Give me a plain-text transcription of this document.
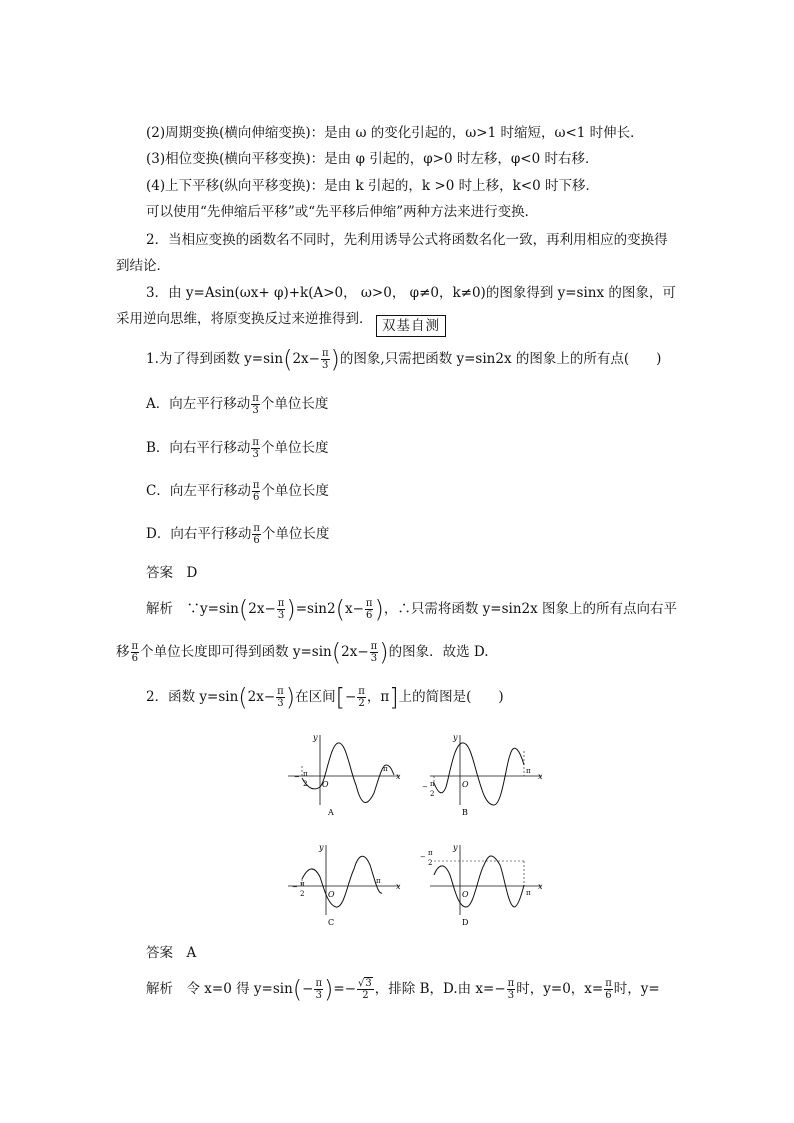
(2)周期变换(横向伸缩变换)：是由 ω 的变化引起的，ω>1 时缩短，ω<1 时伸长．
(3)相位变换(横向平移变换)：是由 φ 引起的，φ>0 时左移，φ<0 时右移．
(4)上下平移(纵向平移变换)：是由 k 引起的，k >0 时上移，k<0 时下移．
可以使用“先伸缩后平移”或“先平移后伸缩”两种方法来进行变换．
2．当相应变换的函数名不同时，先利用诱导公式将函数名化一致，再利用相应的变换得
到结论．
3．由 y=Asin(ωx+ φ)+k(A>0， ω>0， φ≠0，k≠0)的图象得到 y=sinx 的图象，可
采用逆向思维，将原变换反过来逆推得到． 双基自测
1.为了得到函数 $y=\sin(2x- \frac{\pi}{3}$ )的图象,只需把函数 y=sin2x 的图象上的所有点(　　)
A．向左平行移动 $\frac{\pi}{3}$ 个单位长度
B．向右平行移动 $\frac{\pi}{3}$ 个单位长度
C．向左平行移动 $\frac{\pi}{6}$ 个单位长度
D．向右平行移动 $\frac{\pi}{6}$ 个单位长度
答案　 D
解析　 ∵y=sin(2x− $\frac{\pi}{3} )=\sin 2(x- \frac{\pi}{6}$ )，∴只需将函数 y=sin2x 图象上的所有点向右平
移 $\frac{\pi}{6}$ 个单位长度即可得到函数 $y=\sin(2x- \frac{\pi}{3}$ )的图象．故选 D.
2．函数 $y=\sin(2x- \frac{\pi}{3}$ )在区间[− $\frac{\pi}{2}$ ，π]上的简图是(　　)
y
x
O
π
− π
2
A
y
x
O
π
− π
2
B
y
x
O
π
− π
2
C
y
x
O	π
− π
2
D
答案　 A
解析　 令 x=0 得 $y=\sin(- \frac{\pi}{3}$ )=− $\frac{√3}{2}$ ，排除 B，D.由 $x=- \frac{\pi}{3}$ 时，y=0，$x= \frac{\pi}{6}$ 时，y=
